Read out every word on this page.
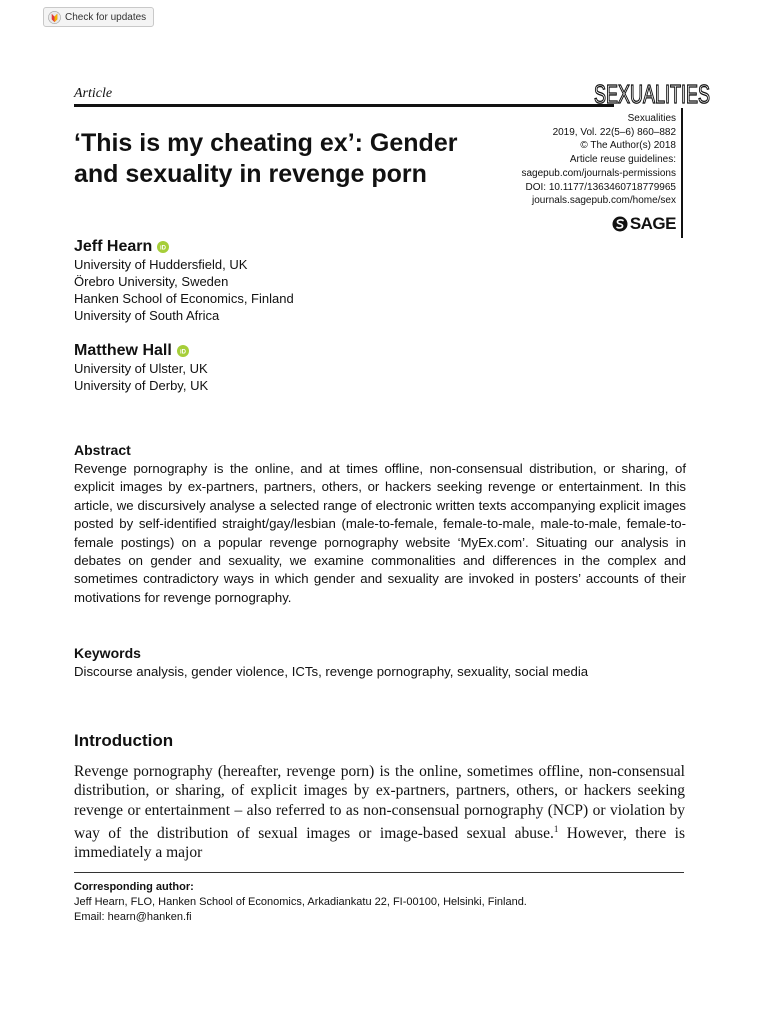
Check for updates
Article	SEXUALITIES
Sexualities
2019, Vol. 22(5–6) 860–882
© The Author(s) 2018
Article reuse guidelines:
sagepub.com/journals-permissions
DOI: 10.1177/1363460718779965
journals.sagepub.com/home/sex
SAGE
‘This is my cheating ex’: Gender and sexuality in revenge porn
Jeff Hearn iD
University of Huddersfield, UK
Örebro University, Sweden
Hanken School of Economics, Finland
University of South Africa
Matthew Hall iD
University of Ulster, UK
University of Derby, UK
Abstract
Revenge pornography is the online, and at times offline, non-consensual distribution, or sharing, of explicit images by ex-partners, partners, others, or hackers seeking revenge or entertainment. In this article, we discursively analyse a selected range of electronic written texts accompanying explicit images posted by self-identified straight/gay/lesbian (male-to-female, female-to-male, male-to-male, female-to-female postings) on a popular revenge pornography website ‘MyEx.com’. Situating our analysis in debates on gender and sexuality, we examine commonalities and differences in the complex and sometimes contradictory ways in which gender and sexuality are invoked in posters’ accounts of their motivations for revenge pornography.
Keywords
Discourse analysis, gender violence, ICTs, revenge pornography, sexuality, social media
Introduction

Revenge pornography (hereafter, revenge porn) is the online, sometimes offline, non-consensual distribution, or sharing, of explicit images by ex-partners, partners, others, or hackers seeking revenge or entertainment – also referred to as non-consensual pornography (NCP) or violation by way of the distribution of sexual images or image-based sexual abuse.$^1$ However, there is immediately a major

Corresponding author:
Jeff Hearn, FLO, Hanken School of Economics, Arkadiankatu 22, FI-00100, Helsinki, Finland.
Email: hearn@hanken.fi
